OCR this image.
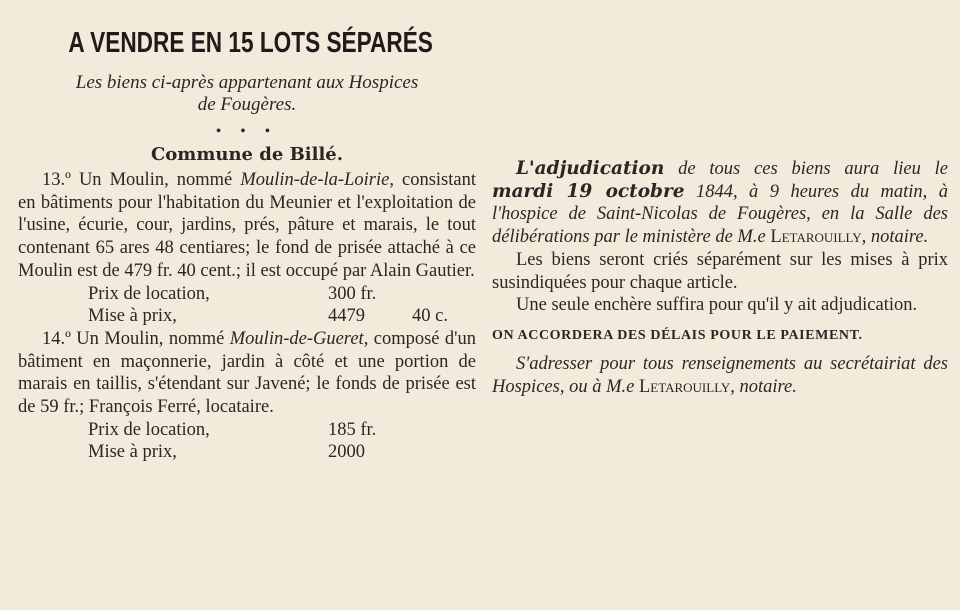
A VENDRE EN 15 LOTS SÉPARÉS

Les biens ci-après appartenant aux Hospices

de Fougères.

• • •
Commune de Billé.

13.º Un Moulin, nommé Moulin-de-la-Loirie, consistant en bâtiments pour l'habitation du Meunier et l'exploitation de l'usine, écurie, cour, jardins, prés, pâture et marais, le tout contenant 65 ares 48 centiares; le fond de prisée attaché à ce Moulin est de 479 fr. 40 cent.; il est occupé par Alain Gautier.

Prix de location,	300 fr.
Mise à prix,	4479	40 c.

14.º Un Moulin, nommé Moulin-de-Gueret, composé d'un bâtiment en maçonnerie, jardin à côté et une portion de marais en taillis, s'étendant sur Javené; le fonds de prisée est de 59 fr.; François Ferré, locataire.

Prix de location,	185 fr.
Mise à prix,	2000

L'adjudication de tous ces biens aura lieu le mardi 19 octobre 1844, à 9 heures du matin, à l'hospice de Saint-Nicolas de Fougères, en la Salle des délibérations par le ministère de M.e Letarouilly, notaire.

Les biens seront criés séparément sur les mises à prix susindiquées pour chaque article.

Une seule enchère suffira pour qu'il y ait adjudication.

ON ACCORDERA DES DÉLAIS POUR LE PAIEMENT.

S'adresser pour tous renseignements au secrétairiat des Hospices, ou à M.e Letarouilly, notaire.
